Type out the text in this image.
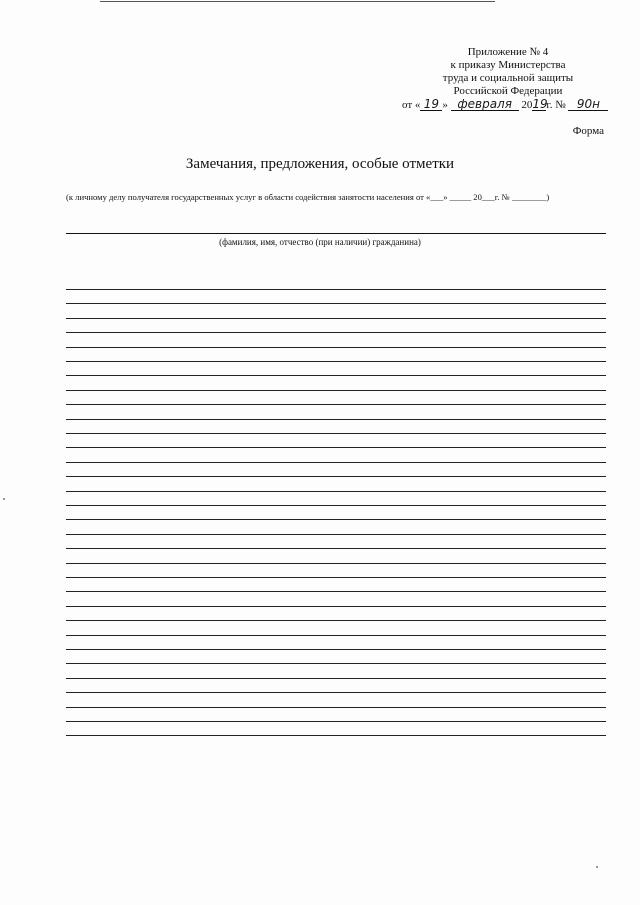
Приложение № 4
к приказу Министерства
труда и социальной защиты
Российской Федерации
от « 19 » февраля 2019г. № 90н
Форма
Замечания, предложения, особые отметки
(к личному делу получателя государственных услуг в области содействия занятости населения от «___» _____ 20___г. № ________)
(фамилия, имя, отчество (при наличии) гражданина)
